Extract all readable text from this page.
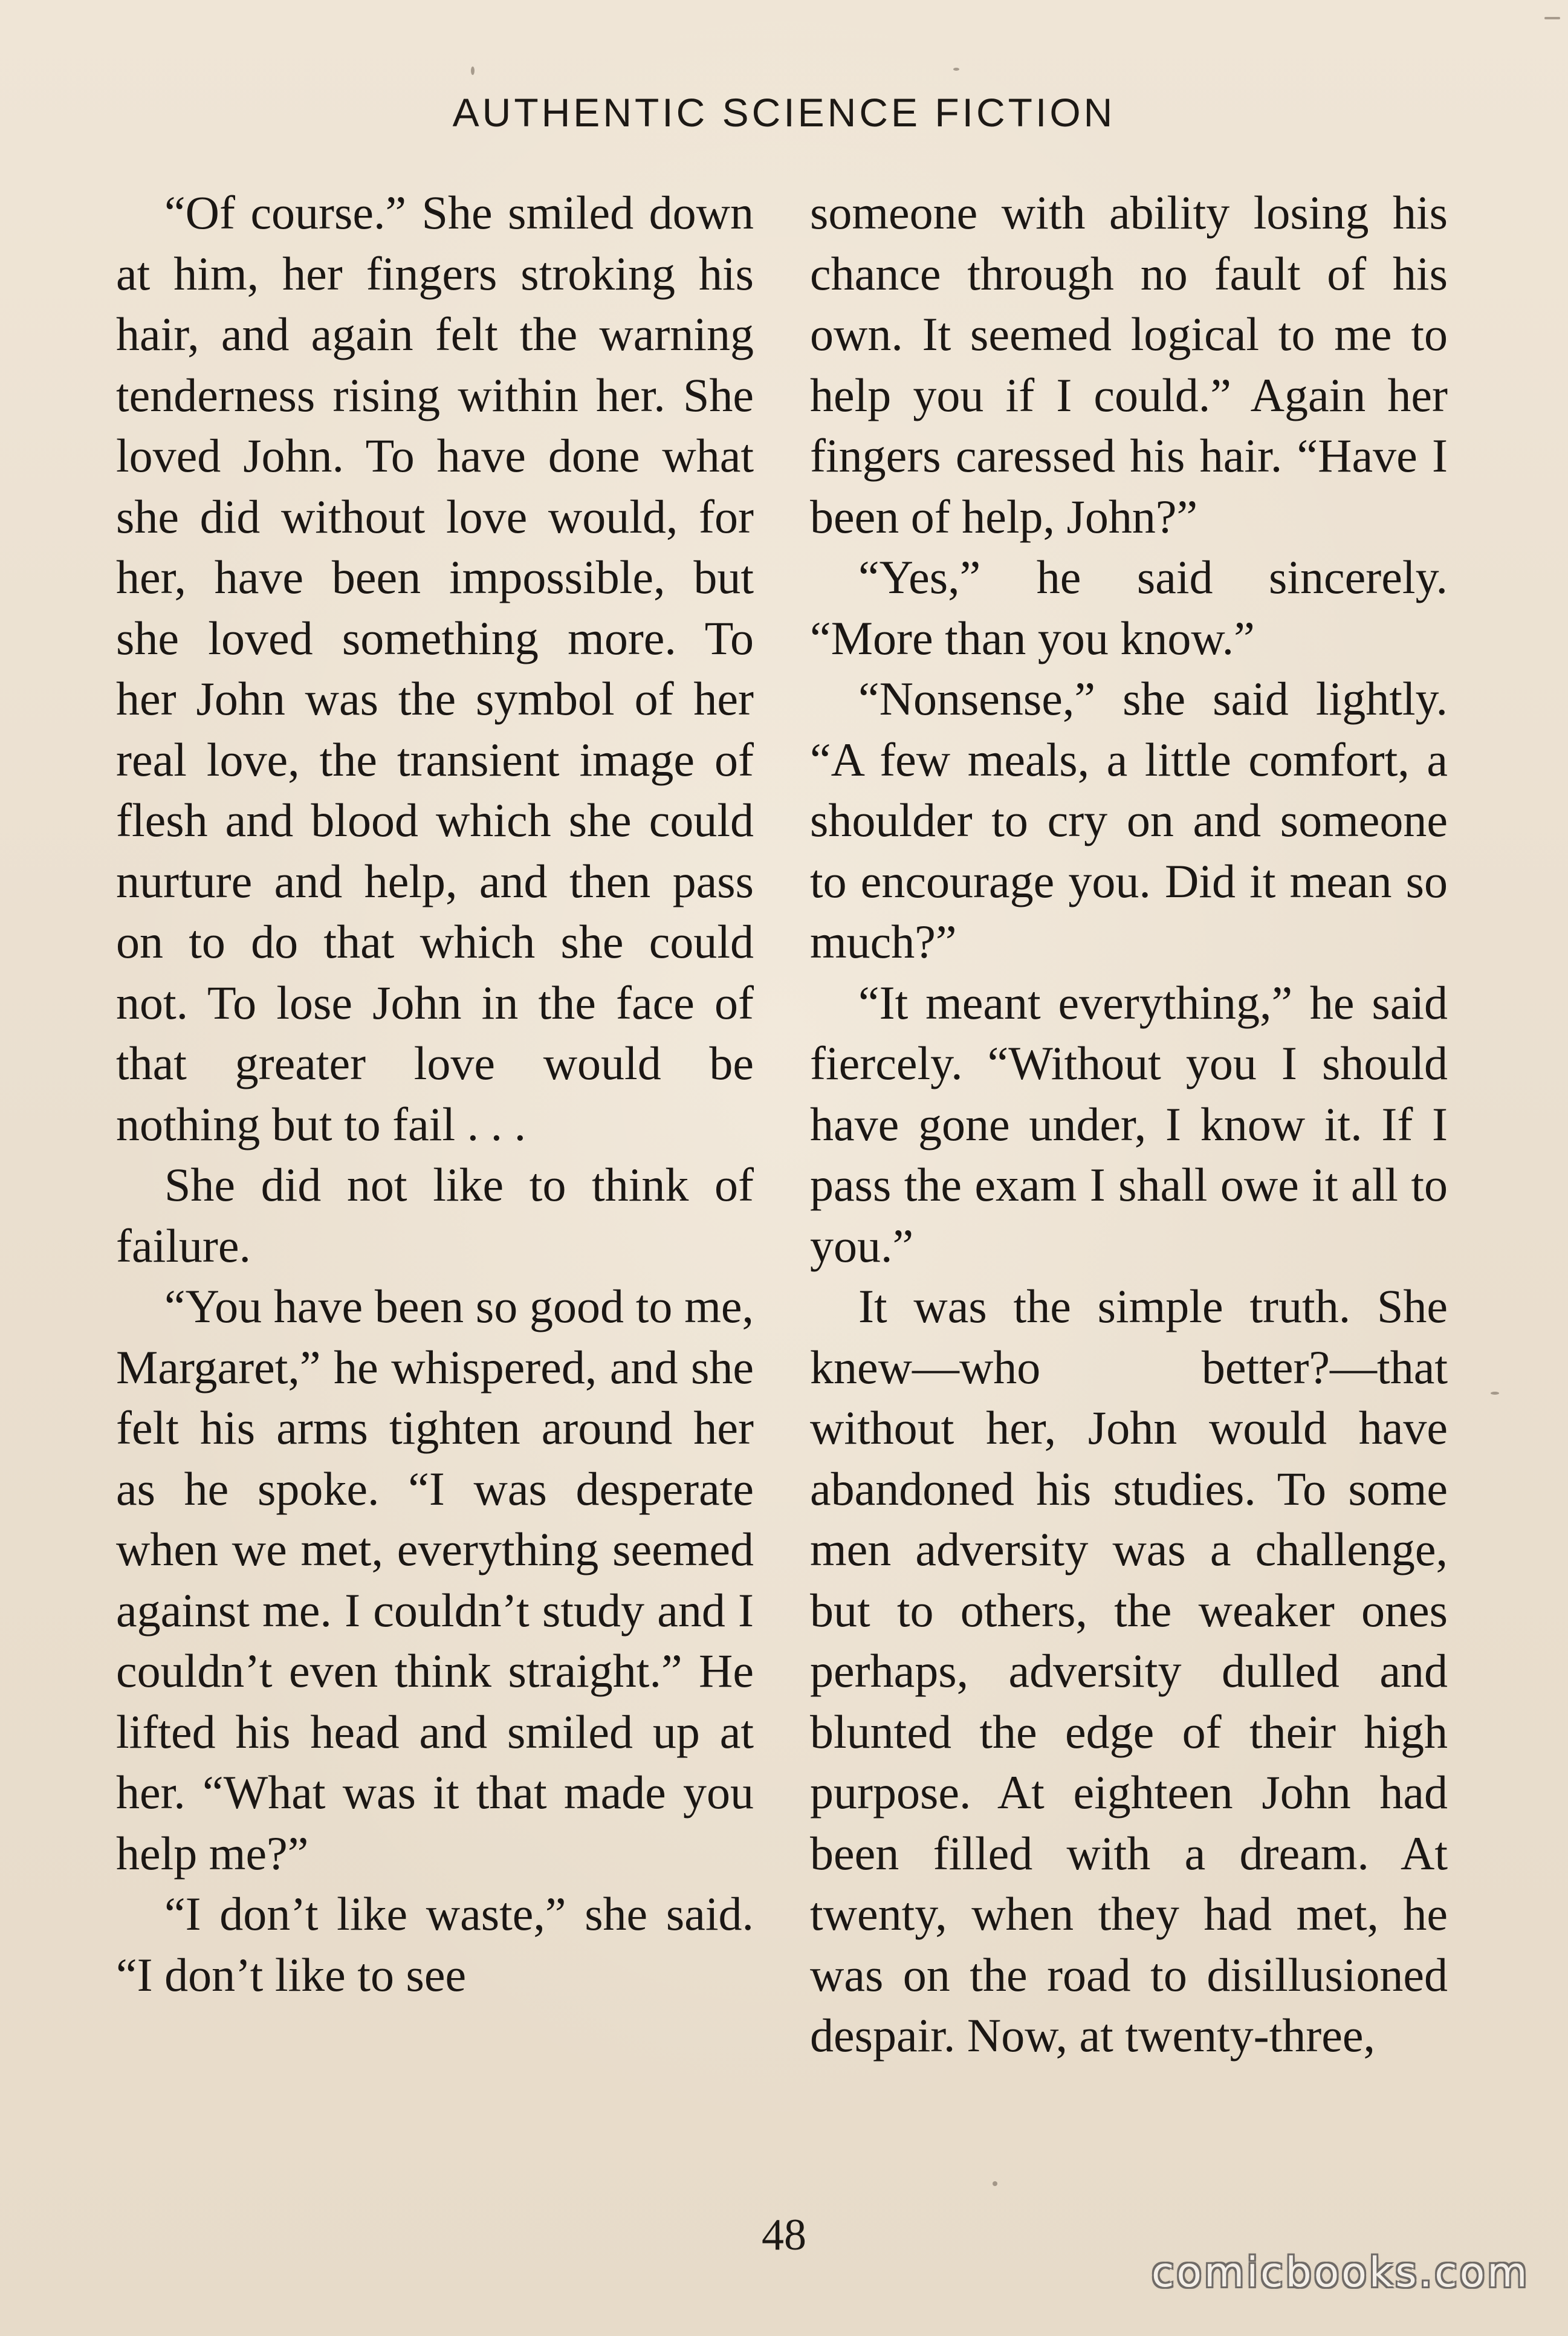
AUTHENTIC SCIENCE FICTION

“Of course.” She smiled down at him, her fingers stroking his hair, and again felt the warning tenderness rising within her. She loved John. To have done what she did without love would, for her, have been impossible, but she loved something more. To her John was the symbol of her real love, the transient image of flesh and blood which she could nurture and help, and then pass on to do that which she could not. To lose John in the face of that greater love would be nothing but to fail . . .

She did not like to think of failure.

“You have been so good to me, Margaret,” he whispered, and she felt his arms tighten around her as he spoke. “I was desperate when we met, everything seemed against me. I couldn’t study and I couldn’t even think straight.” He lifted his head and smiled up at her. “What was it that made you help me?”

“I don’t like waste,” she said. “I don’t like to see

someone with ability losing his chance through no fault of his own. It seemed logical to me to help you if I could.” Again her fingers caressed his hair. “Have I been of help, John?”

“Yes,” he said sincerely. “More than you know.”

“Nonsense,” she said lightly. “A few meals, a little comfort, a shoulder to cry on and someone to encourage you. Did it mean so much?”

“It meant everything,” he said fiercely. “Without you I should have gone under, I know it. If I pass the exam I shall owe it all to you.”

It was the simple truth. She knew—who better?—that without her, John would have abandoned his studies. To some men adversity was a challenge, but to others, the weaker ones perhaps, adversity dulled and blunted the edge of their high purpose. At eighteen John had been filled with a dream. At twenty, when they had met, he was on the road to disillusioned despair. Now, at twenty-three,

48
comicbooks.com
